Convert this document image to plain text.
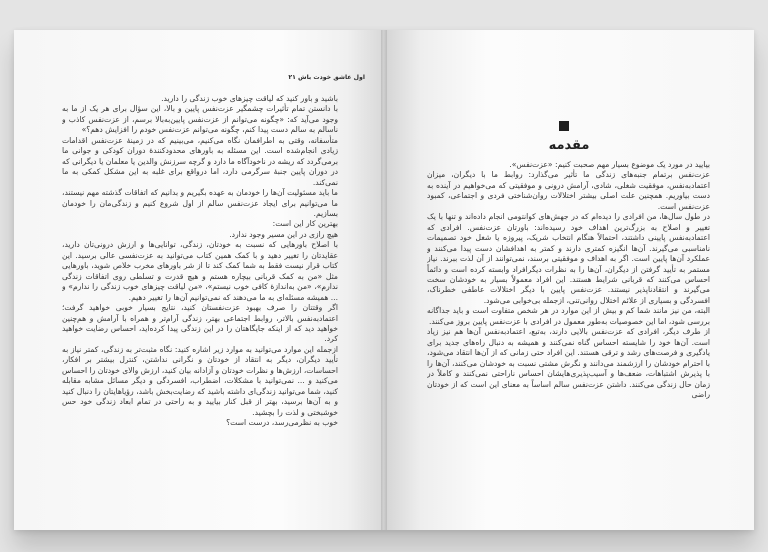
اول عاشق خودت باش ۲۱

باشید و باور کنید که لیاقت چیزهای خوب زندگی را دارید.

با دانستن تمام تأثیرات چشمگیر عزت‌نفس پایین و بالا، این سؤال برای هر یک از ما به وجود می‌آید که: «چگونه می‌توانم از عزت‌نفس پایین‌به‌بالا برسم، از عزت‌نفس کاذب و ناسالم به سالم دست پیدا کنم، چگونه می‌توانم عزت‌نفس خودم را افزایش دهم؟»

متأسفانه، وقتی به اطرافمان نگاه می‌کنیم، می‌بینیم که در زمینهٔ عزت‌نفس اقدامات زیادی انجام‌شده است. این مسئله به باورهای محدودکنندهٔ دوران کودکی و جوانی ما برمی‌گردد که ریشه در ناخودآگاه ما دارد و گرچه سرزنش والدین یا معلمان یا دیگرانی که در دوران پایین جنبهٔ سرگرمی دارد، اما درواقع برای غلبه به این مشکل کمکی به ما نمی‌کند.

ما باید مسئولیت آن‌ها را خودمان به عهده بگیریم و بدانیم که اتفاقات گذشته مهم نیستند، ما می‌توانیم برای ایجاد عزت‌نفس سالم از اول شروع کنیم و زندگی‌مان را خودمان بسازیم.

بهترین کار این است:

هیچ رازی در این مسیر وجود ندارد.

با اصلاح باورهایی که نسبت به خودتان، زندگی، توانایی‌ها و ارزش درونی‌تان دارید، عقایدتان را تغییر دهید و با کمک همین کتاب می‌توانید به عزت‌نفسی عالی برسید. این کتاب قرار نیست فقط به شما کمک کند تا از شر باورهای مخرب خلاص شوید، باورهایی مثل «من به کمک قربانی بیچاره هستم و هیچ قدرت و تسلطی روی اتفاقات زندگی ندارم»، «من به‌اندازهٔ کافی خوب نیستم»، «من لیاقت چیزهای خوب زندگی را ندارم» و ... همیشه مسئله‌ای به ما می‌دهند که نمی‌توانیم آن‌ها را تغییر دهیم.

اگر وقتتان را صرف بهبود عزت‌نفستان کنید، نتایج بسیار خوبی خواهید گرفت؛ اعتمادبه‌نفس بالاتر، روابط اجتماعی بهتر، زندگی آرام‌تر و همراه با آرامش و هم‌چنین خواهید دید که از اینکه جایگاهتان را در این زندگی پیدا کرده‌اید، احساس رضایت خواهید کرد.

ازجمله این موارد می‌توانید به موارد زیر اشاره کنید: نگاه مثبت‌تر به زندگی، کمتر نیاز به تأیید دیگران، دیگر به انتقاد از خودتان و نگرانی نداشتن، کنترل بیشتر بر افکار، احساسات، ارزش‌ها و نظرات خودتان و آزادانه بیان کنید، ارزش والای خودتان را احساس می‌کنید و ... نمی‌توانید با مشکلات، اضطراب، افسردگی و دیگر مسائل مشابه مقابله کنید، شما می‌توانید زندگی‌ای داشته باشید که رضایت‌بخش باشد، رؤیاهایتان را دنبال کنید و به آن‌ها برسید، بهتر از قبل کنار بیایید و به راحتی در تمام ابعاد زندگی خود حس خوشبختی و لذت را بچشید.

خوب به نظرمی‌رسد، درست است؟

مقدمه

بیایید در مورد یک موضوع بسیار مهم صحبت کنیم: «عزت‌نفس».

عزت‌نفس برتمام جنبه‌های زندگی ما تأثیر می‌گذارد: روابط ما با دیگران، میزان اعتمادبه‌نفس، موفقیت شغلی، شادی، آرامش درونی و موفقیتی که می‌خواهیم در آینده به دست بیاوریم. همچنین علت اصلی بیشتر اختلالات روان‌شناختی فردی و اجتماعی، کمبود عزت‌نفس است.

در طول سال‌ها، من افرادی را دیده‌ام که در جهش‌های کوانتومی انجام داده‌اند و تنها با یک تغییر و اصلاح به بزرگ‌ترین اهداف خود رسیده‌اند: باورتان عزت‌نفس. افرادی که اعتمادبه‌نفس پایینی داشتند، احتمالاً هنگام انتخاب شریک، پیروزه یا شغل خود تصمیمات نامناسبی می‌گیرند. آن‌ها انگیزه کمتری دارند و کمتر به اهدافشان دست پیدا می‌کنند و عملکرد آن‌ها پایین است. اگر به اهداف و موفقیتی برسند، نمی‌توانند از آن لذت ببرند. نیاز مستمر به تأیید گرفتن از دیگران، آن‌ها را به نظرات دیگرافراد وابسته کرده است و دائماً احساس می‌کنند که قربانی شرایط هستند. این افراد معمولاً بسیار به خودشان سخت می‌گیرند و انتقادناپذیر نیستند. عزت‌نفس پایین با دیگر اختلالات عاطفی خطرناک، افسردگی و بسیاری از علائم اختلال روانی‌تنی، ازجمله بی‌خوابی می‌شود.

البته، من نیز مانند شما کم و بیش از این موارد در هر شخص متفاوت است و باید جداگانه بررسی شود، اما این خصوصیات به‌طور معمول در افرادی با عزت‌نفس پایین بروز می‌کنند.

از طرف دیگر، افرادی که عزت‌نفس بالایی دارند، به‌تبع، اعتمادبه‌نفس آن‌ها هم نیز زیاد است. آن‌ها خود را شایسته احساس گناه نمی‌کنند و همیشه به دنبال راه‌های جدید برای یادگیری و فرصت‌های رشد و ترقی هستند. این افراد حتی زمانی که از آن‌ها انتقاد می‌شود، با احترام خودشان را ارزشمند می‌دانند و نگرش مشتی نسبت به خودشان می‌کنند، آن‌ها را با پذیرش اشتباهات، ضعف‌ها و آسیب‌پذیری‌هایشان احساس ناراحتی نمی‌کنند و کاملاً در زمان حال زندگی می‌کنند. داشتن عزت‌نفس سالم اساساً به معنای این است که از خودتان راضی
